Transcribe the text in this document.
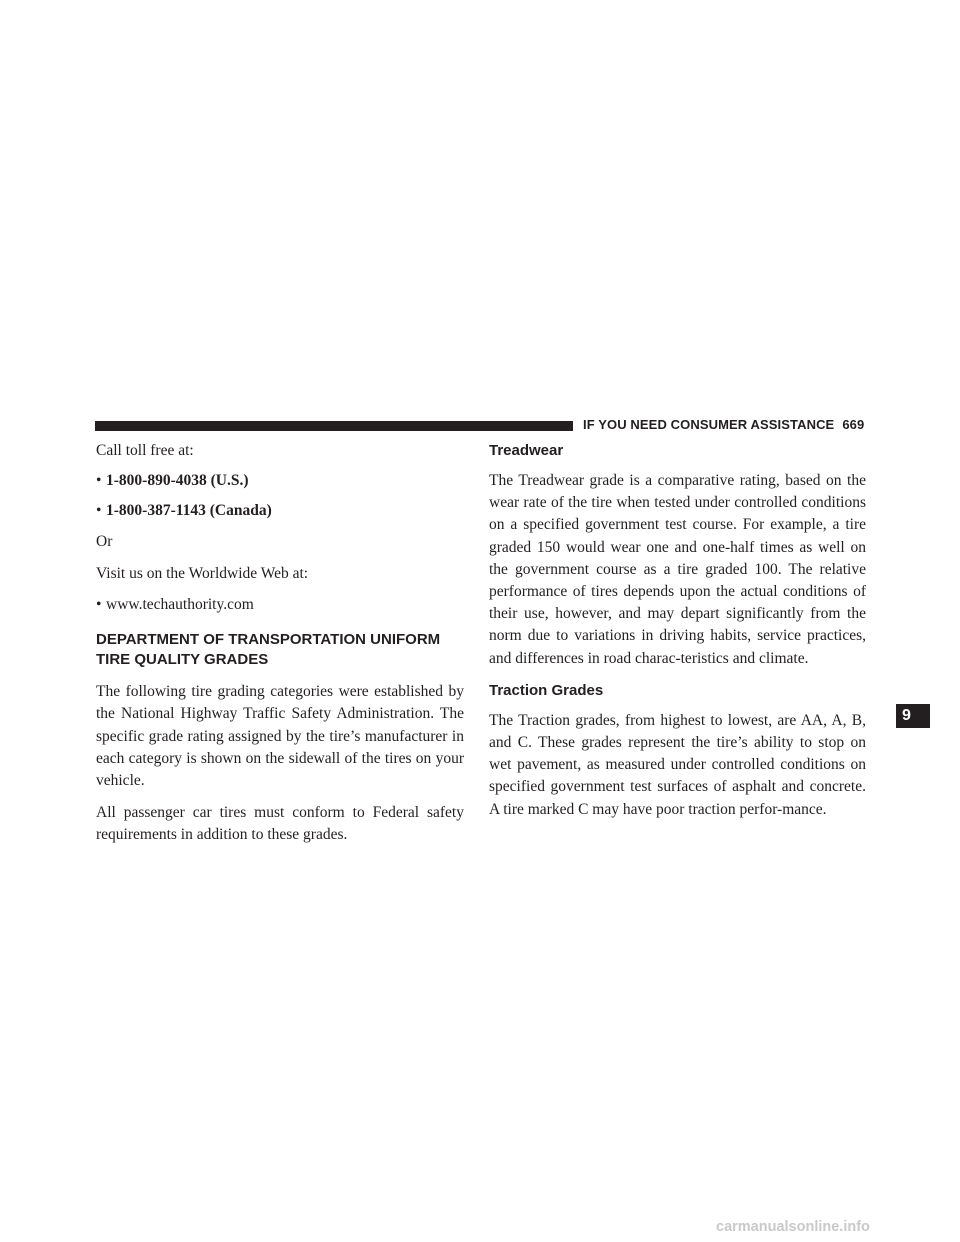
IF YOU NEED CONSUMER ASSISTANCE 669

Call toll free at:

• 1-800-890-4038 (U.S.)
• 1-800-387-1143 (Canada)

Or

Visit us on the Worldwide Web at:

• www.techauthority.com
DEPARTMENT OF TRANSPORTATION UNIFORM
TIRE QUALITY GRADES

The following tire grading categories were established by the National Highway Traffic Safety Administration. The specific grade rating assigned by the tire’s manufacturer in each category is shown on the sidewall of the tires on your vehicle.

All passenger car tires must conform to Federal safety requirements in addition to these grades.

Treadwear

The Treadwear grade is a comparative rating, based on the wear rate of the tire when tested under controlled conditions on a specified government test course. For example, a tire graded 150 would wear one and one-half times as well on the government course as a tire graded 100. The relative performance of tires depends upon the actual conditions of their use, however, and may depart significantly from the norm due to variations in driving habits, service practices, and differences in road charac-teristics and climate.

Traction Grades

The Traction grades, from highest to lowest, are AA, A, B, and C. These grades represent the tire’s ability to stop on wet pavement, as measured under controlled conditions on specified government test surfaces of asphalt and concrete. A tire marked C may have poor traction perfor-mance.

9
carmanualsonline.info
